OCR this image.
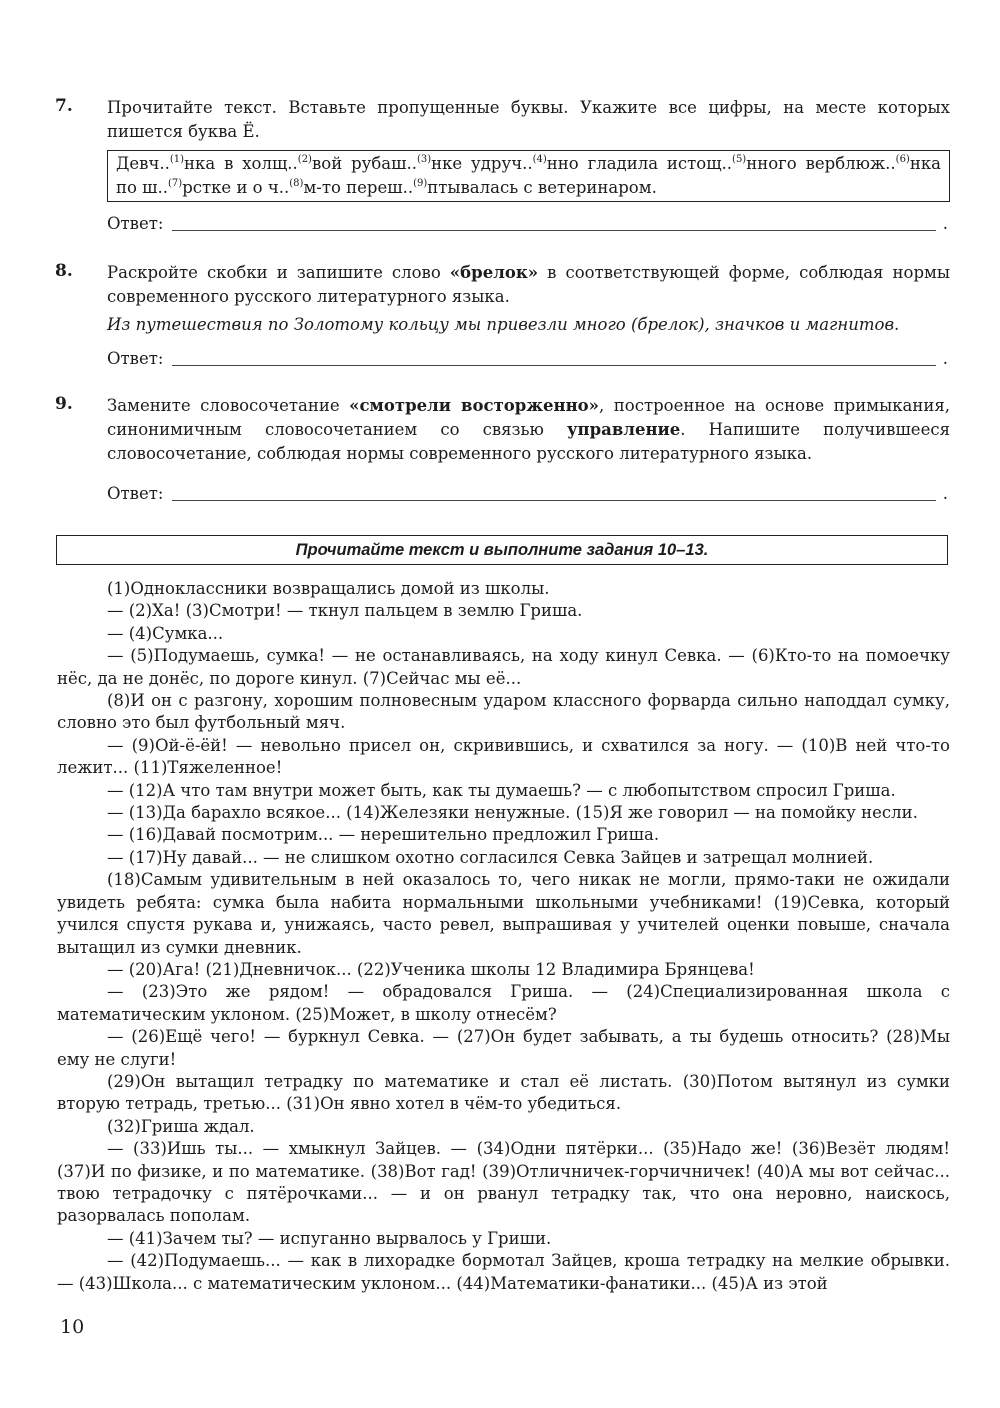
7. Прочитайте текст. Вставьте пропущенные буквы. Укажите все цифры, на месте которых пишется буква Ё.
Девч..$^{(1)}$нка в холщ..$^{(2)}$вой рубаш..$^{(3)}$нке удруч..$^{(4)}$нно гладила истощ..$^{(5)}$нного верблюж..$^{(6)}$нка по ш..$^{(7)}$рстке и о ч..$^{(8)}$м-то переш..$^{(9)}$птывалась с ветеринаром.
Ответ:	.
8. Раскройте скобки и запишите слово «брелок» в соответствующей форме, соблюдая нормы современного русского литературного языка.
Из путешествия по Золотому кольцу мы привезли много (брелок), значков и магнитов.
Ответ:	.
9. Замените словосочетание «смотрели восторженно», построенное на основе примыкания, синонимичным словосочетанием со связью управление. Напишите получившееся словосочетание, соблюдая нормы современного русского литературного языка.
Ответ:	.
Прочитайте текст и выполните задания 10–13.

(1)Одноклассники возвращались домой из школы.

— (2)Ха! (3)Смотри! — ткнул пальцем в землю Гриша.

— (4)Сумка...

— (5)Подумаешь, сумка! — не останавливаясь, на ходу кинул Севка. — (6)Кто-то на помоечку нёс, да не донёс, по дороге кинул. (7)Сейчас мы её...

(8)И он с разгону, хорошим полновесным ударом классного форварда сильно наподдал сумку, словно это был футбольный мяч.

— (9)Ой-ё-ёй! — невольно присел он, скривившись, и схватился за ногу. — (10)В ней что-то лежит... (11)Тяжеленное!

— (12)А что там внутри может быть, как ты думаешь? — с любопытством спросил Гриша.

— (13)Да барахло всякое... (14)Железяки ненужные. (15)Я же говорил — на помойку несли.

— (16)Давай посмотрим... — нерешительно предложил Гриша.

— (17)Ну давай... — не слишком охотно согласился Севка Зайцев и затрещал молнией.

(18)Самым удивительным в ней оказалось то, чего никак не могли, прямо-таки не ожидали увидеть ребята: сумка была набита нормальными школьными учебниками! (19)Севка, который учился спустя рукава и, унижаясь, часто ревел, выпрашивая у учителей оценки повыше, сначала вытащил из сумки дневник.

— (20)Ага! (21)Дневничок... (22)Ученика школы 12 Владимира Брянцева!

— (23)Это же рядом! — обрадовался Гриша. — (24)Специализированная школа с математическим уклоном. (25)Может, в школу отнесём?

— (26)Ещё чего! — буркнул Севка. — (27)Он будет забывать, а ты будешь относить? (28)Мы ему не слуги!

(29)Он вытащил тетрадку по математике и стал её листать. (30)Потом вытянул из сумки вторую тетрадь, третью... (31)Он явно хотел в чём-то убедиться.

(32)Гриша ждал.

— (33)Ишь ты... — хмыкнул Зайцев. — (34)Одни пятёрки... (35)Надо же! (36)Везёт людям! (37)И по физике, и по математике. (38)Вот гад! (39)Отличничек-горчичничек! (40)А мы вот сейчас... твою тетрадочку с пятёрочками... — и он рванул тетрадку так, что она неровно, наискось, разорвалась пополам.

— (41)Зачем ты? — испуганно вырвалось у Гриши.

— (42)Подумаешь... — как в лихорадке бормотал Зайцев, кроша тетрадку на мелкие обрывки. — (43)Школа... с математическим уклоном... (44)Математики-фанатики... (45)А из этой

10
